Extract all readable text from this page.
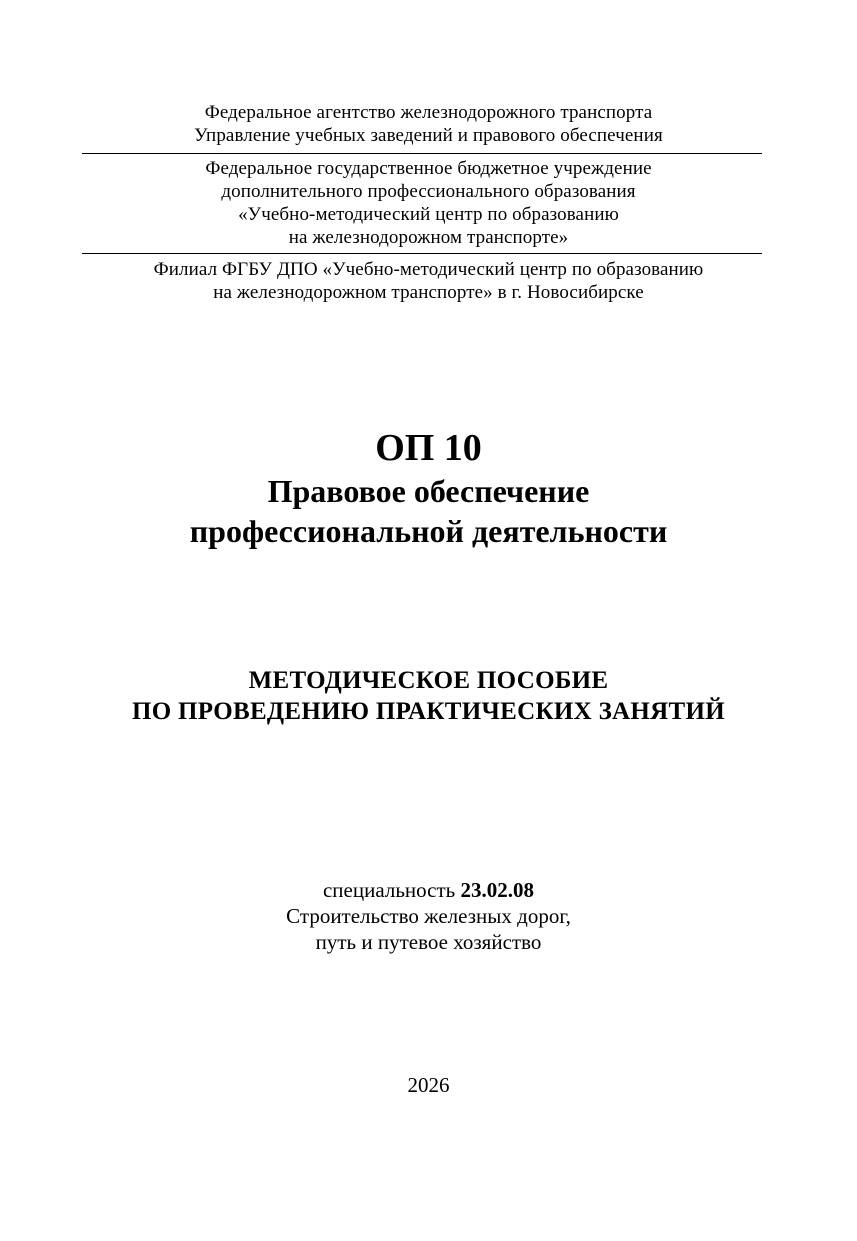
Федеральное агентство железнодорожного транспорта
Управление учебных заведений и правового обеспечения
Федеральное государственное бюджетное учреждение
дополнительного профессионального образования
«Учебно-методический центр по образованию
на железнодорожном транспорте»
Филиал ФГБУ ДПО «Учебно-методический центр по образованию
на железнодорожном транспорте» в г. Новосибирске
ОП 10
Правовое обеспечение
профессиональной деятельности
МЕТОДИЧЕСКОЕ ПОСОБИЕ
ПО ПРОВЕДЕНИЮ ПРАКТИЧЕСКИХ ЗАНЯТИЙ
специальность 23.02.08
Строительство железных дорог,
путь и путевое хозяйство
2026
